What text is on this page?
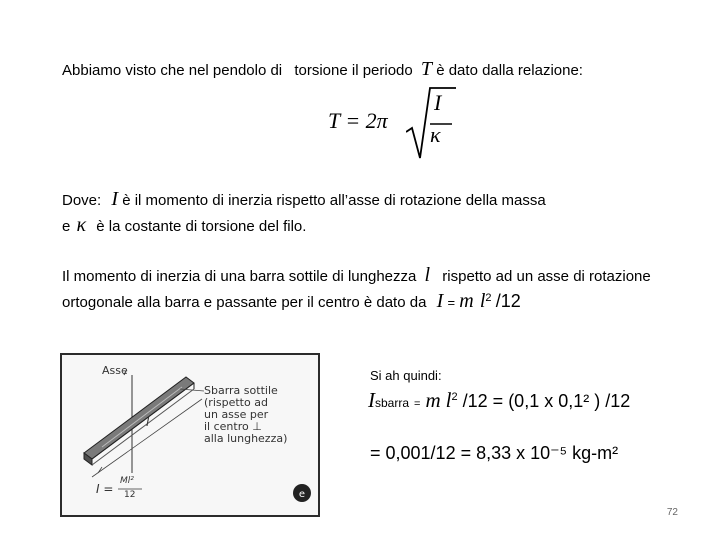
Abbiamo visto che nel pendolo di torsione il periodo T è dato dalla relazione:
T = 2π
I
κ
Dove: I è il momento di inerzia rispetto all’asse di rotazione della massa
e κ è la costante di torsione del filo.
Il momento di inerzia di una barra sottile di lunghezza l rispetto ad un asse di rotazione
ortogonale alla barra e passante per il centro è dato da I = m $l^2$ /12
e
Asse
Sbarra sottile
(rispetto ad
un asse per
il centro ⊥
alla lunghezza)
l
I =
Ml²
12
Si ah quindi:
Isbarra = m $l^2$ /12 = (0,1 x 0,1² ) /12
= 0,001/12 = 8,33 x 10⁻⁵ kg-m²
72
